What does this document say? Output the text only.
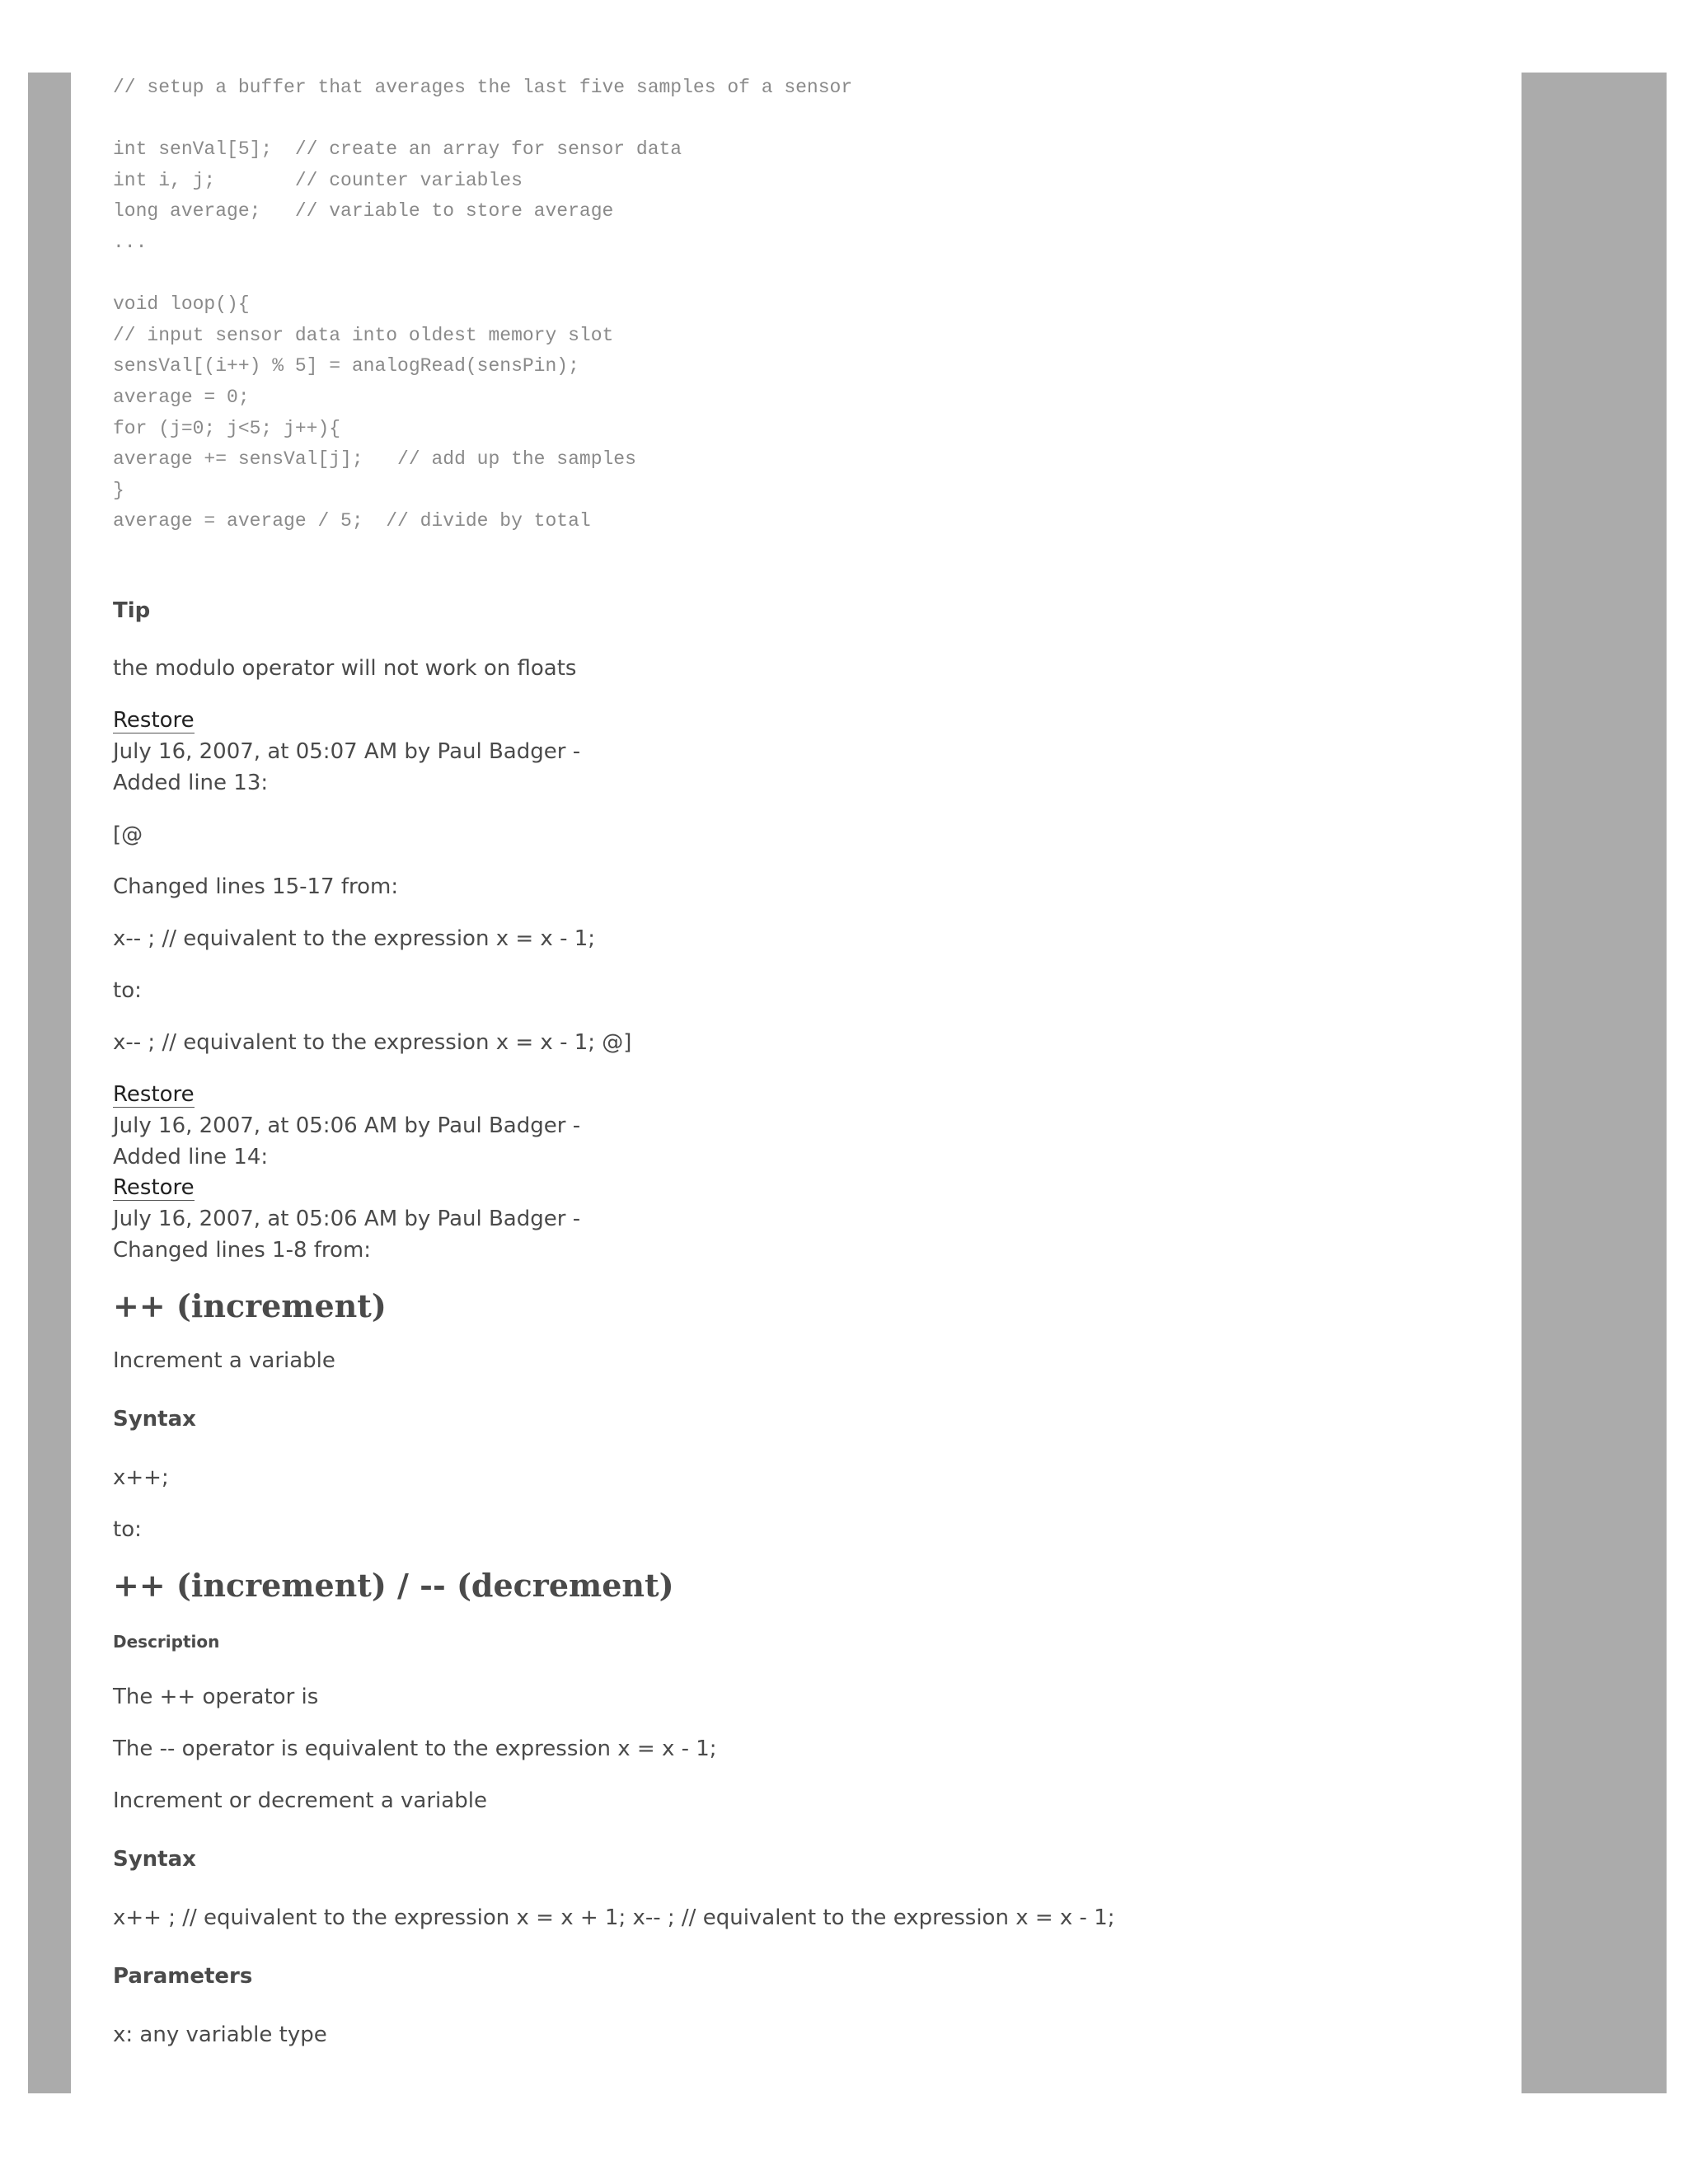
// setup a buffer that averages the last five samples of a sensor

int senVal[5];  // create an array for sensor data
int i, j;       // counter variables
long average;   // variable to store average
...

void loop(){
// input sensor data into oldest memory slot
sensVal[(i++) % 5] = analogRead(sensPin);
average = 0;
for (j=0; j<5; j++){
average += sensVal[j];   // add up the samples
}
average = average / 5;  // divide by total

Tip
the modulo operator will not work on floats
Restore
July 16, 2007, at 05:07 AM by Paul Badger -
Added line 13:
[@
Changed lines 15-17 from:
x-- ; // equivalent to the expression x = x - 1;
to:
x-- ; // equivalent to the expression x = x - 1; @]
Restore
July 16, 2007, at 05:06 AM by Paul Badger -
Added line 14:
Restore
July 16, 2007, at 05:06 AM by Paul Badger -
Changed lines 1-8 from:
++ (increment)
Increment a variable
Syntax
x++;
to:
++ (increment) / -- (decrement)
Description
The ++ operator is
The -- operator is equivalent to the expression x = x - 1;
Increment or decrement a variable
Syntax
x++ ; // equivalent to the expression x = x + 1; x-- ; // equivalent to the expression x = x - 1;
Parameters
x: any variable type
